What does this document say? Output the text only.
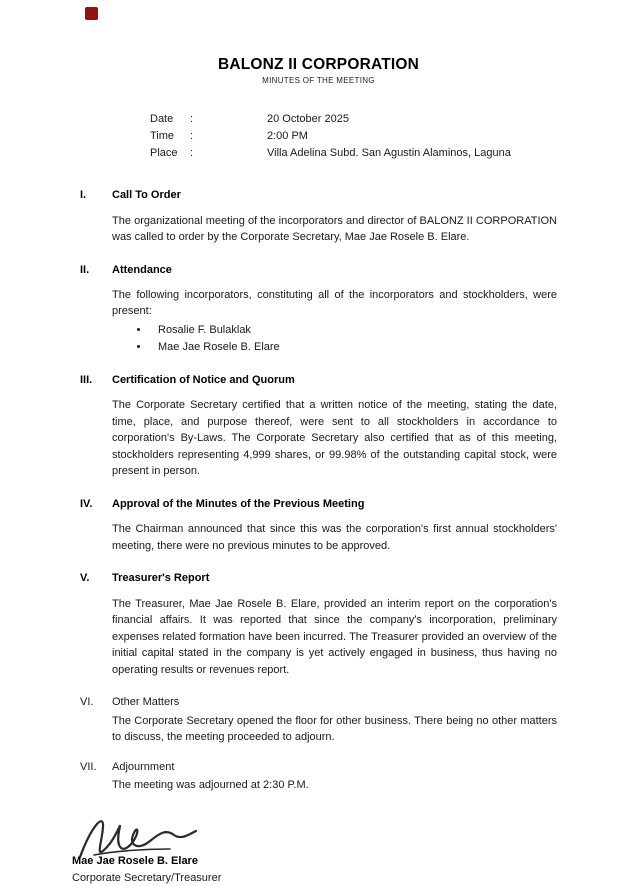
BALONZ II CORPORATION
MINUTES OF THE MEETING
Date	:	20 October 2025
Time	:	2:00 PM
Place	:	Villa Adelina Subd. San Agustin Alaminos, Laguna
I.	Call To Order

The organizational meeting of the incorporators and director of BALONZ II CORPORATION was called to order by the Corporate Secretary, Mae Jae Rosele B. Elare.

II.	Attendance

The following incorporators, constituting all of the incorporators and stockholders, were present:

• Rosalie F. Bulaklak
• Mae Jae Rosele B. Elare
III.	Certification of Notice and Quorum

The Corporate Secretary certified that a written notice of the meeting, stating the date, time, place, and purpose thereof, were sent to all stockholders in accordance to corporation's By-Laws. The Corporate Secretary also certified that as of this meeting, stockholders representing 4,999 shares, or 99.98% of the outstanding capital stock, were present in person.

IV.	Approval of the Minutes of the Previous Meeting

The Chairman announced that since this was the corporation's first annual stockholders' meeting, there were no previous minutes to be approved.

V.	Treasurer's Report

The Treasurer, Mae Jae Rosele B. Elare, provided an interim report on the corporation's financial affairs. It was reported that since the company's incorporation, preliminary expenses related formation have been incurred. The Treasurer provided an overview of the initial capital stated in the company is yet actively engaged in business, thus having no operating results or revenues report.

VI.	Other Matters

The Corporate Secretary opened the floor for other business. There being no other matters to discuss, the meeting proceeded to adjourn.

VII.	Adjournment

The meeting was adjourned at 2:30 P.M.

Mae Jae Rosele B. Elare
Corporate Secretary/Treasurer
